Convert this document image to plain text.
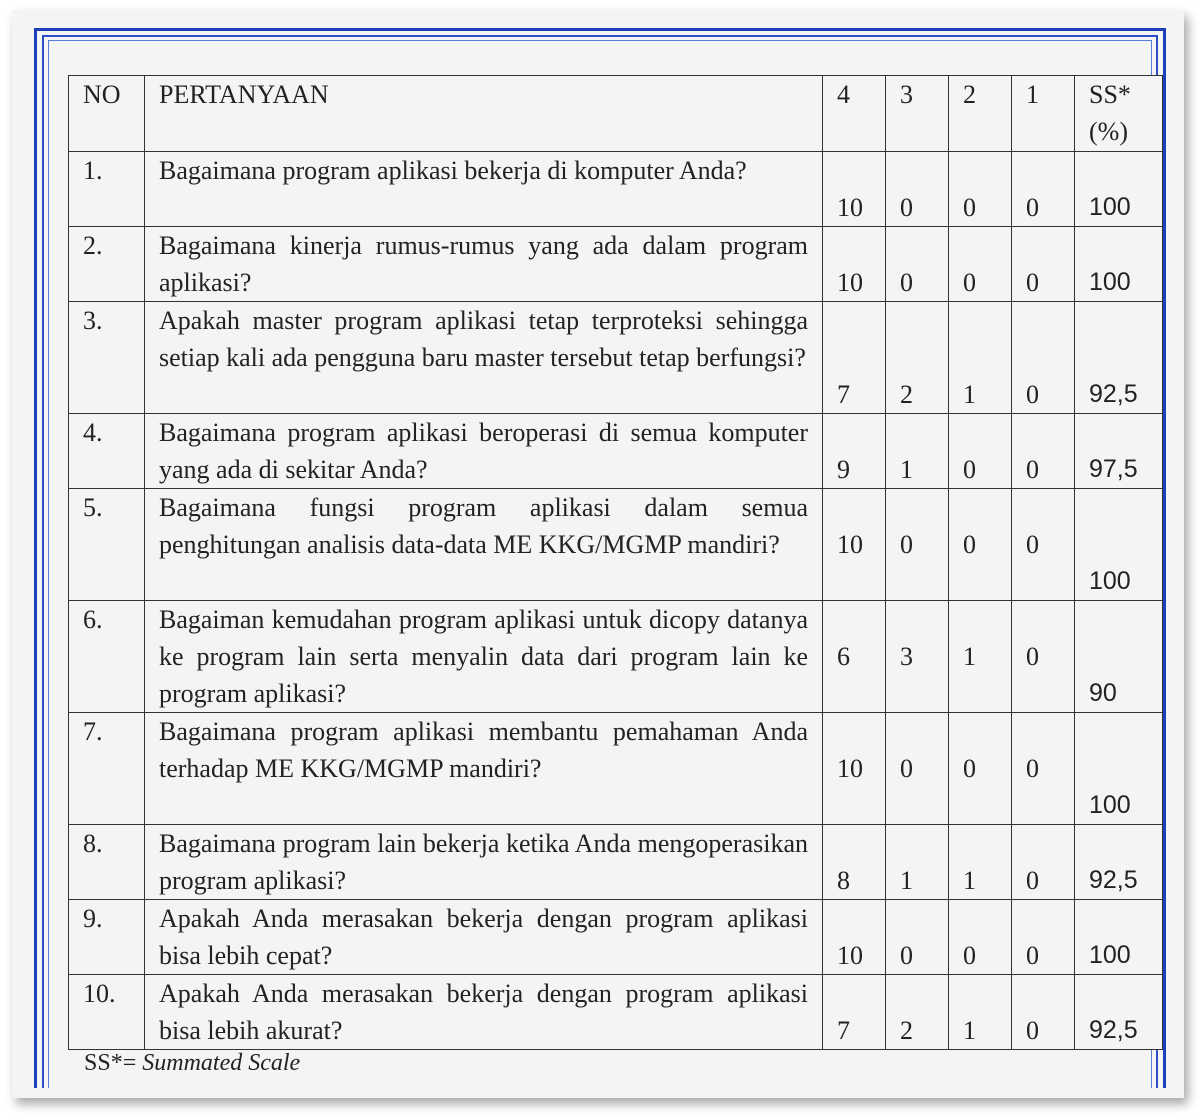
NO	PERTANYAAN	4	3	2	1	SS*
(%)
1.	Bagaimana program aplikasi bekerja di komputer Anda?	10	0	0	0	100
2.	Bagaimana kinerja rumus-rumus yang ada dalam program aplikasi?	10	0	0	0	100
3.	Apakah master program aplikasi tetap terproteksi sehingga setiap kali ada pengguna baru master tersebut tetap berfungsi?	7	2	1	0	92,5
4.	Bagaimana program aplikasi beroperasi di semua komputer yang ada di sekitar Anda?	9	1	0	0	97,5
5.	Bagaimana fungsi program aplikasi dalam semua penghitungan analisis data-data ME KKG/MGMP mandiri?	10	0	0	0	100
6.	Bagaiman kemudahan program aplikasi untuk dicopy datanya ke program lain serta menyalin data dari program lain ke program aplikasi?	6	3	1	0	90
7.	Bagaimana program aplikasi membantu pemahaman Anda terhadap ME KKG/MGMP mandiri?	10	0	0	0	100
8.	Bagaimana program lain bekerja ketika Anda mengoperasikan program aplikasi?	8	1	1	0	92,5
9.	Apakah Anda merasakan bekerja dengan program aplikasi bisa lebih cepat?	10	0	0	0	100
10.	Apakah Anda merasakan bekerja dengan program aplikasi bisa lebih akurat?	7	2	1	0	92,5
SS*= Summated Scale
